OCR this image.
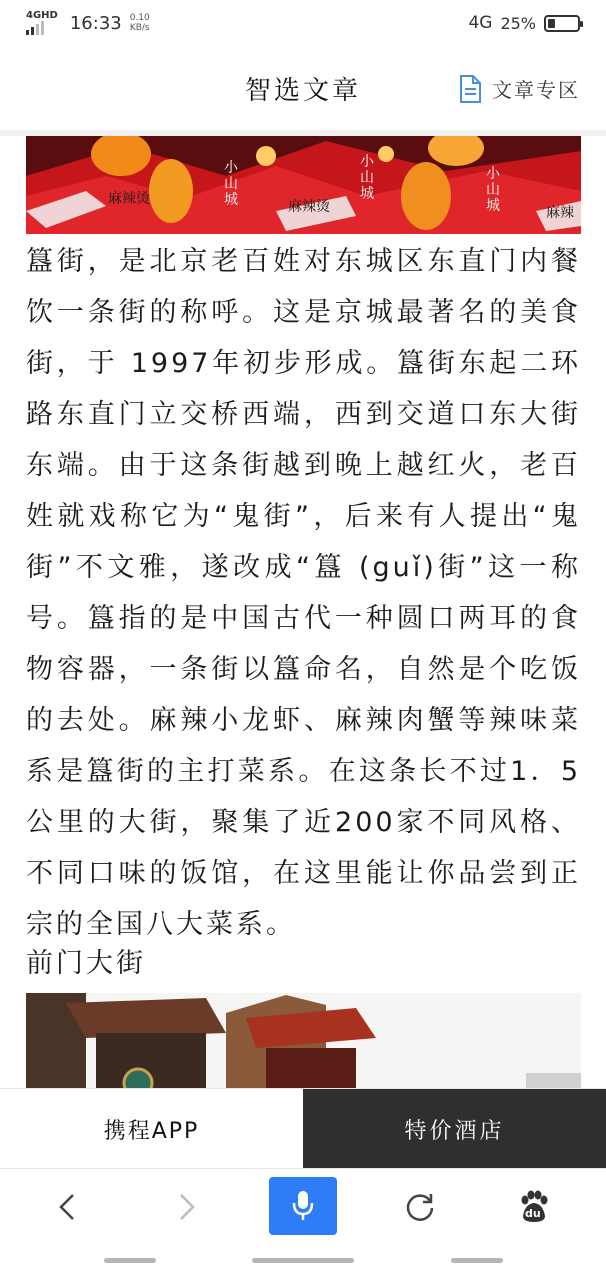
4GHD 16:33 0.10
KB/s	4G 25%
智选文章	文章专区
小山城	麻辣烫
小山城
麻辣烫
小山城	麻辣

簋街，是北京老百姓对东城区东直门内餐饮一条街的称呼。这是京城最著名的美食街，于 1997年初步形成。簋街东起二环路东直门立交桥西端，西到交道口东大街东端。由于这条街越到晚上越红火，老百姓就戏称它为“鬼街”，后来有人提出“鬼街”不文雅，遂改成“簋 (guǐ)街”这一称号。簋指的是中国古代一种圆口两耳的食物容器，一条街以簋命名，自然是个吃饭的去处。麻辣小龙虾、麻辣肉蟹等辣味菜系是簋街的主打菜系。在这条长不过1．5公里的大街，聚集了近200家不同风格、不同口味的饭馆，在这里能让你品尝到正宗的全国八大菜系。

前门大街
携程APP	特价酒店
du
